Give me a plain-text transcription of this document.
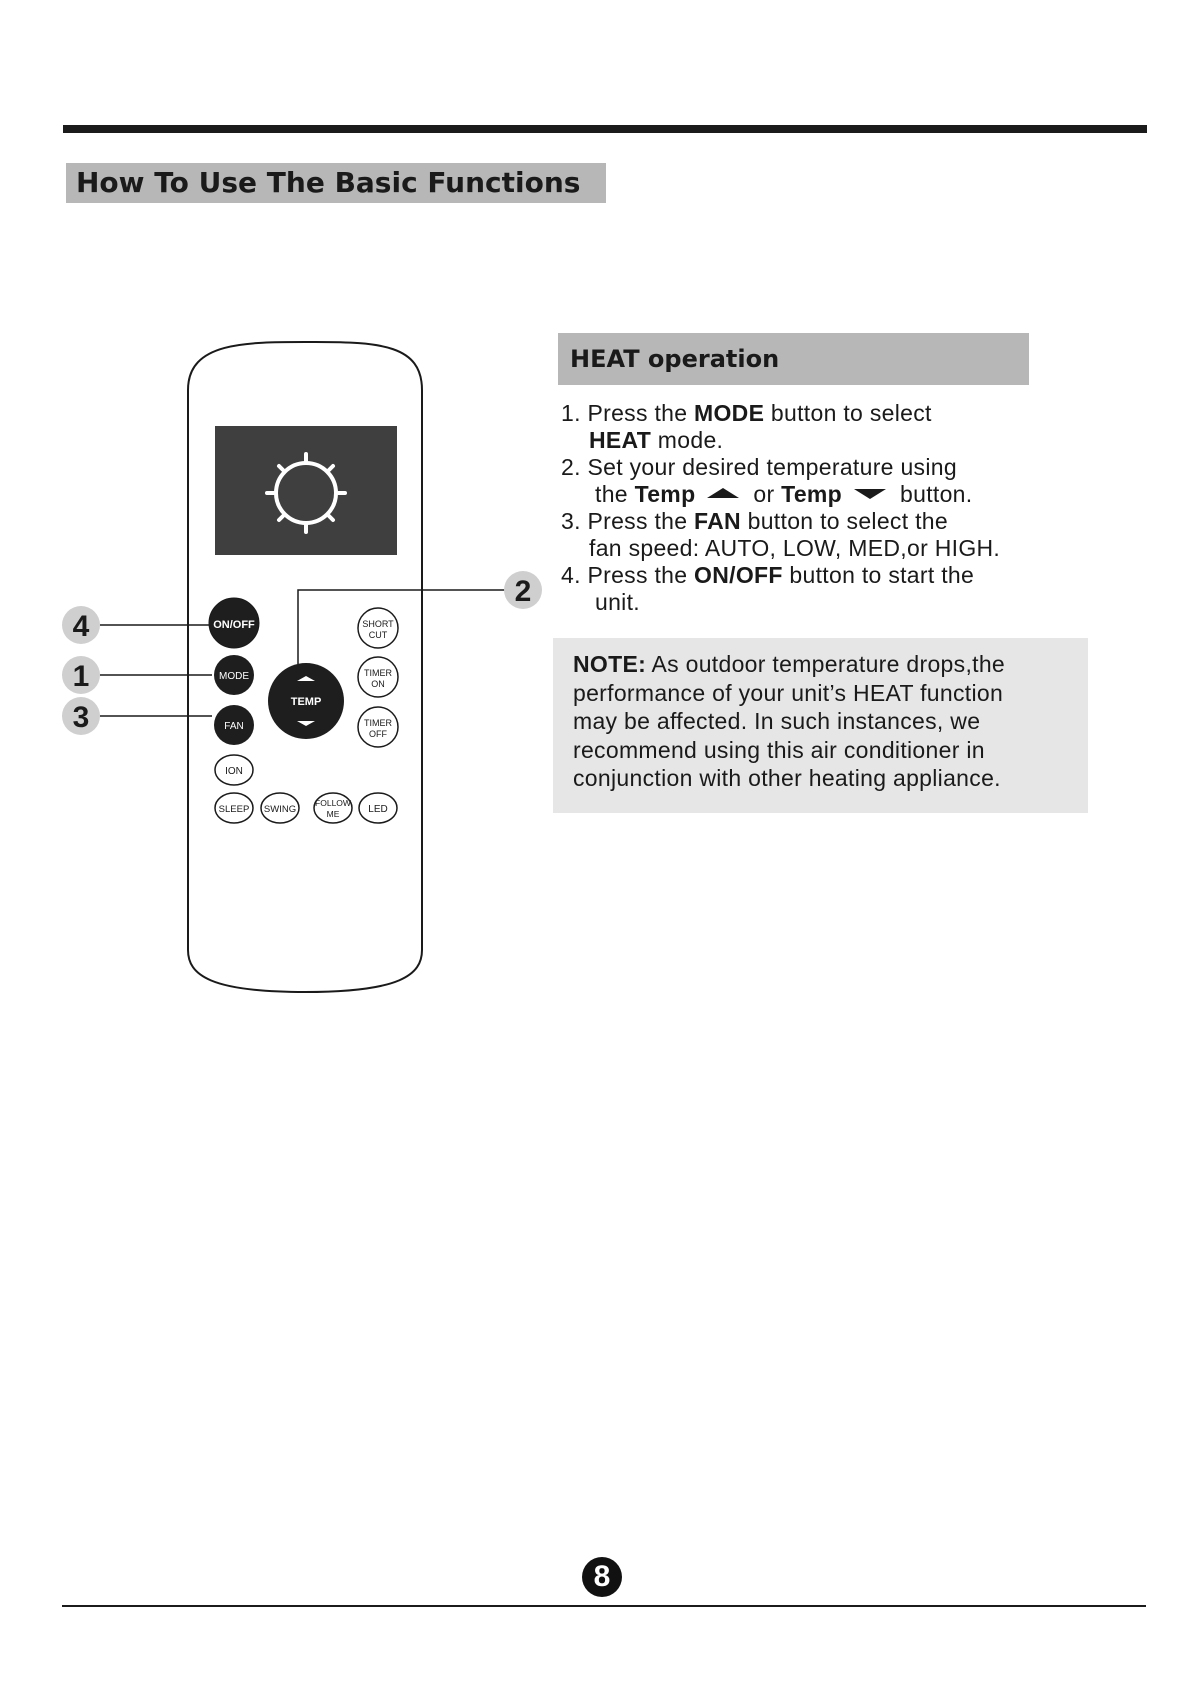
How To Use The Basic Functions
4
1
3
2
ON/OFF
MODE
FAN
TEMP
SHORT
CUT
TIMER
ON
TIMER
OFF
ION
SLEEP SWING
FOLLOW
ME	LED
HEAT operation
1. Press the MODE button to select
HEAT mode.
2. Set your desired temperature using
the Temp	or Temp	button.
3. Press the FAN button to select the
fan speed: AUTO, LOW, MED,or HIGH.
4. Press the ON/OFF button to start the
unit.
NOTE: As outdoor temperature drops,the
performance of your unit’s HEAT function
may be affected. In such instances, we
recommend using this air conditioner in
conjunction with other heating appliance.
8
